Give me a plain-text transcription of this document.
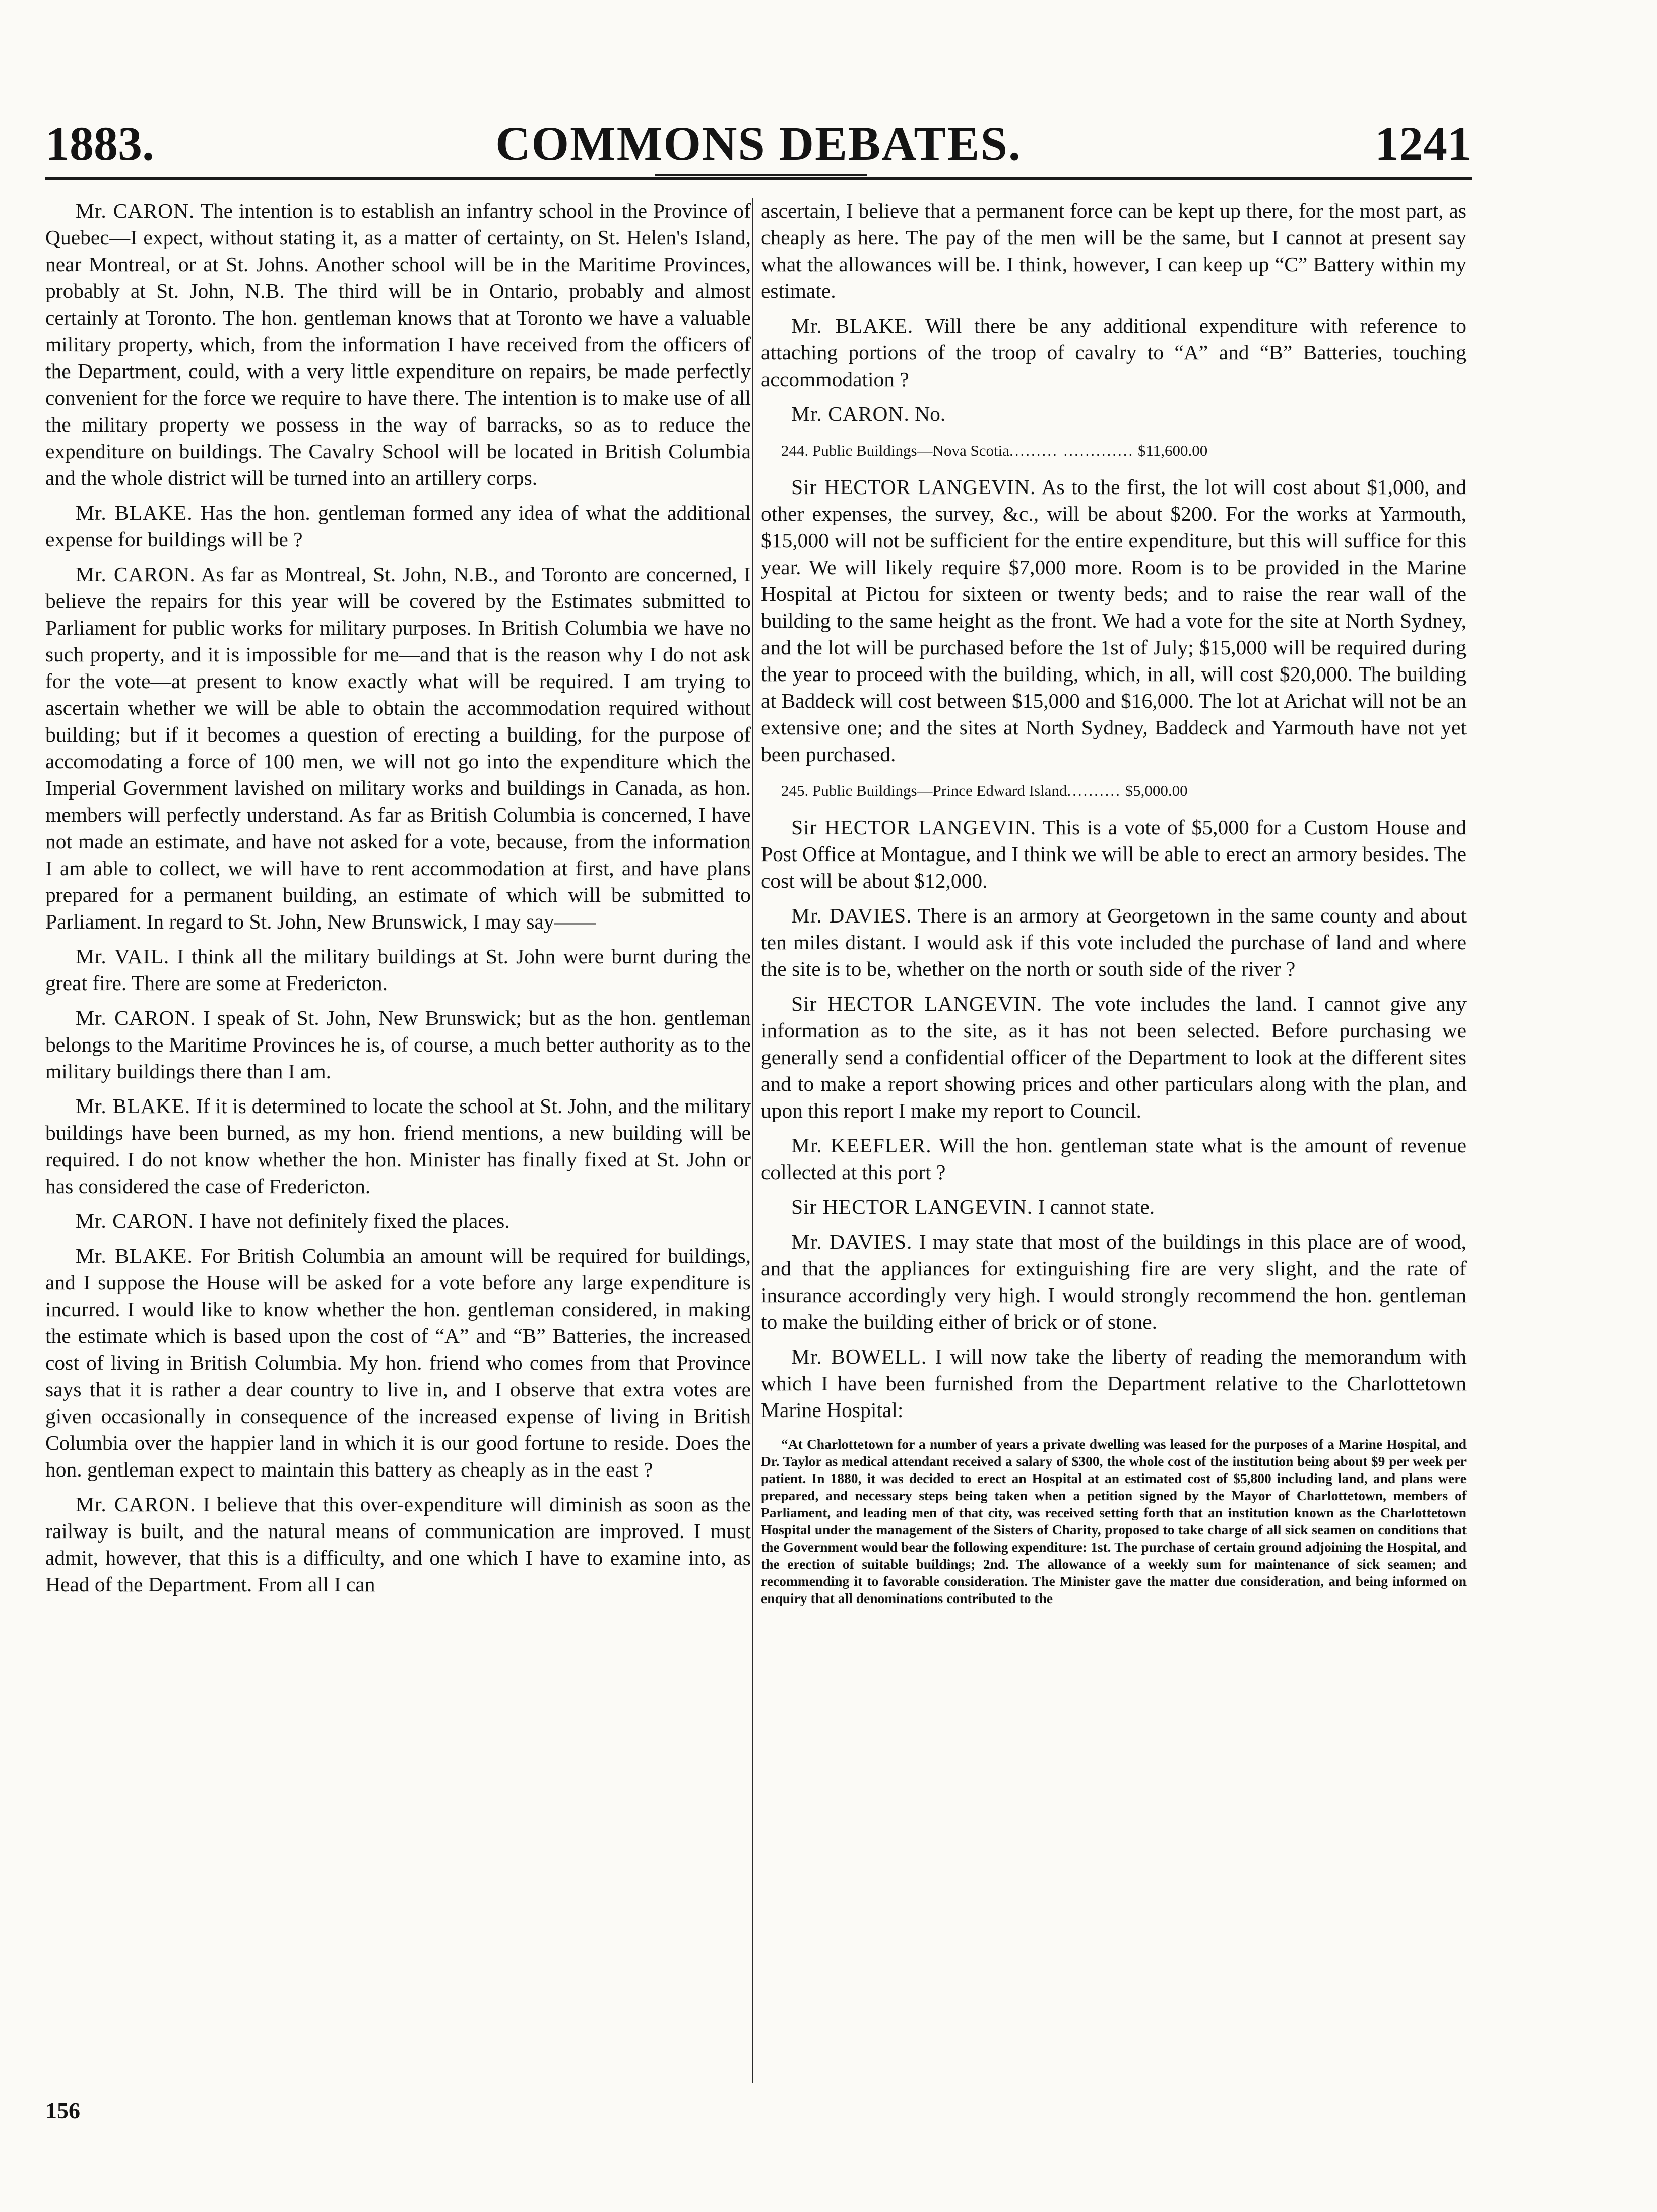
1883.	COMMONS DEBATES.	1241

Mr. CARON. The intention is to establish an infantry school in the Province of Quebec—I expect, without stating it, as a matter of certainty, on St. Helen's Island, near Montreal, or at St. Johns. Another school will be in the Maritime Provinces, probably at St. John, N.B. The third will be in Ontario, probably and almost certainly at Toronto. The hon. gentleman knows that at Toronto we have a valuable military property, which, from the information I have received from the officers of the Department, could, with a very little expenditure on repairs, be made perfectly convenient for the force we require to have there. The intention is to make use of all the military property we possess in the way of barracks, so as to reduce the expenditure on buildings. The Cavalry School will be located in British Columbia and the whole district will be turned into an artillery corps.

Mr. BLAKE. Has the hon. gentleman formed any idea of what the additional expense for buildings will be ?

Mr. CARON. As far as Montreal, St. John, N.B., and Toronto are concerned, I believe the repairs for this year will be covered by the Estimates submitted to Parliament for public works for military purposes. In British Columbia we have no such property, and it is impossible for me—and that is the reason why I do not ask for the vote—at present to know exactly what will be required. I am trying to ascertain whether we will be able to obtain the accommodation required without building; but if it becomes a question of erecting a building, for the purpose of accomodating a force of 100 men, we will not go into the expenditure which the Imperial Government lavished on military works and buildings in Canada, as hon. members will perfectly understand. As far as British Columbia is concerned, I have not made an estimate, and have not asked for a vote, because, from the information I am able to collect, we will have to rent accommodation at first, and have plans prepared for a permanent building, an estimate of which will be submitted to Parliament. In regard to St. John, New Brunswick, I may say——

Mr. VAIL. I think all the military buildings at St. John were burnt during the great fire. There are some at Fredericton.

Mr. CARON. I speak of St. John, New Brunswick; but as the hon. gentleman belongs to the Maritime Provinces he is, of course, a much better authority as to the military buildings there than I am.

Mr. BLAKE. If it is determined to locate the school at St. John, and the military buildings have been burned, as my hon. friend mentions, a new building will be required. I do not know whether the hon. Minister has finally fixed at St. John or has considered the case of Fredericton.

Mr. CARON. I have not definitely fixed the places.

Mr. BLAKE. For British Columbia an amount will be required for buildings, and I suppose the House will be asked for a vote before any large expenditure is incurred. I would like to know whether the hon. gentleman considered, in making the estimate which is based upon the cost of “A” and “B” Batteries, the increased cost of living in British Columbia. My hon. friend who comes from that Province says that it is rather a dear country to live in, and I observe that extra votes are given occasionally in consequence of the increased expense of living in British Columbia over the happier land in which it is our good fortune to reside. Does the hon. gentleman expect to maintain this battery as cheaply as in the east ?

Mr. CARON. I believe that this over-expenditure will diminish as soon as the railway is built, and the natural means of communication are improved. I must admit, however, that this is a difficulty, and one which I have to examine into, as Head of the Department. From all I can

ascertain, I believe that a permanent force can be kept up there, for the most part, as cheaply as here. The pay of the men will be the same, but I cannot at present say what the allowances will be. I think, however, I can keep up “C” Battery within my estimate.

Mr. BLAKE. Will there be any additional expenditure with reference to attaching portions of the troop of cavalry to “A” and “B” Batteries, touching accommodation ?

Mr. CARON. No.

244. Public Buildings—Nova Scotia......... ............. $11,600.00

Sir HECTOR LANGEVIN. As to the first, the lot will cost about $1,000, and other expenses, the survey, &c., will be about $200. For the works at Yarmouth, $15,000 will not be sufficient for the entire expenditure, but this will suffice for this year. We will likely require $7,000 more. Room is to be provided in the Marine Hospital at Pictou for sixteen or twenty beds; and to raise the rear wall of the building to the same height as the front. We had a vote for the site at North Sydney, and the lot will be purchased before the 1st of July; $15,000 will be required during the year to proceed with the building, which, in all, will cost $20,000. The building at Baddeck will cost between $15,000 and $16,000. The lot at Arichat will not be an extensive one; and the sites at North Sydney, Baddeck and Yarmouth have not yet been purchased.

245. Public Buildings—Prince Edward Island.......... $5,000.00

Sir HECTOR LANGEVIN. This is a vote of $5,000 for a Custom House and Post Office at Montague, and I think we will be able to erect an armory besides. The cost will be about $12,000.

Mr. DAVIES. There is an armory at Georgetown in the same county and about ten miles distant. I would ask if this vote included the purchase of land and where the site is to be, whether on the north or south side of the river ?

Sir HECTOR LANGEVIN. The vote includes the land. I cannot give any information as to the site, as it has not been selected. Before purchasing we generally send a confidential officer of the Department to look at the different sites and to make a report showing prices and other particulars along with the plan, and upon this report I make my report to Council.

Mr. KEEFLER. Will the hon. gentleman state what is the amount of revenue collected at this port ?

Sir HECTOR LANGEVIN. I cannot state.

Mr. DAVIES. I may state that most of the buildings in this place are of wood, and that the appliances for extinguishing fire are very slight, and the rate of insurance accordingly very high. I would strongly recommend the hon. gentleman to make the building either of brick or of stone.

Mr. BOWELL. I will now take the liberty of reading the memorandum with which I have been furnished from the Department relative to the Charlottetown Marine Hospital:

“At Charlottetown for a number of years a private dwelling was leased for the purposes of a Marine Hospital, and Dr. Taylor as medical attendant received a salary of $300, the whole cost of the institution being about $9 per week per patient. In 1880, it was decided to erect an Hospital at an estimated cost of $5,800 including land, and plans were prepared, and necessary steps being taken when a petition signed by the Mayor of Charlottetown, members of Parliament, and leading men of that city, was received setting forth that an institution known as the Charlottetown Hospital under the management of the Sisters of Charity, proposed to take charge of all sick seamen on conditions that the Government would bear the following expenditure: 1st. The purchase of certain ground adjoining the Hospital, and the erection of suitable buildings; 2nd. The allowance of a weekly sum for maintenance of sick seamen; and recommending it to favorable consideration. The Minister gave the matter due consideration, and being informed on enquiry that all denominations contributed to the
156
